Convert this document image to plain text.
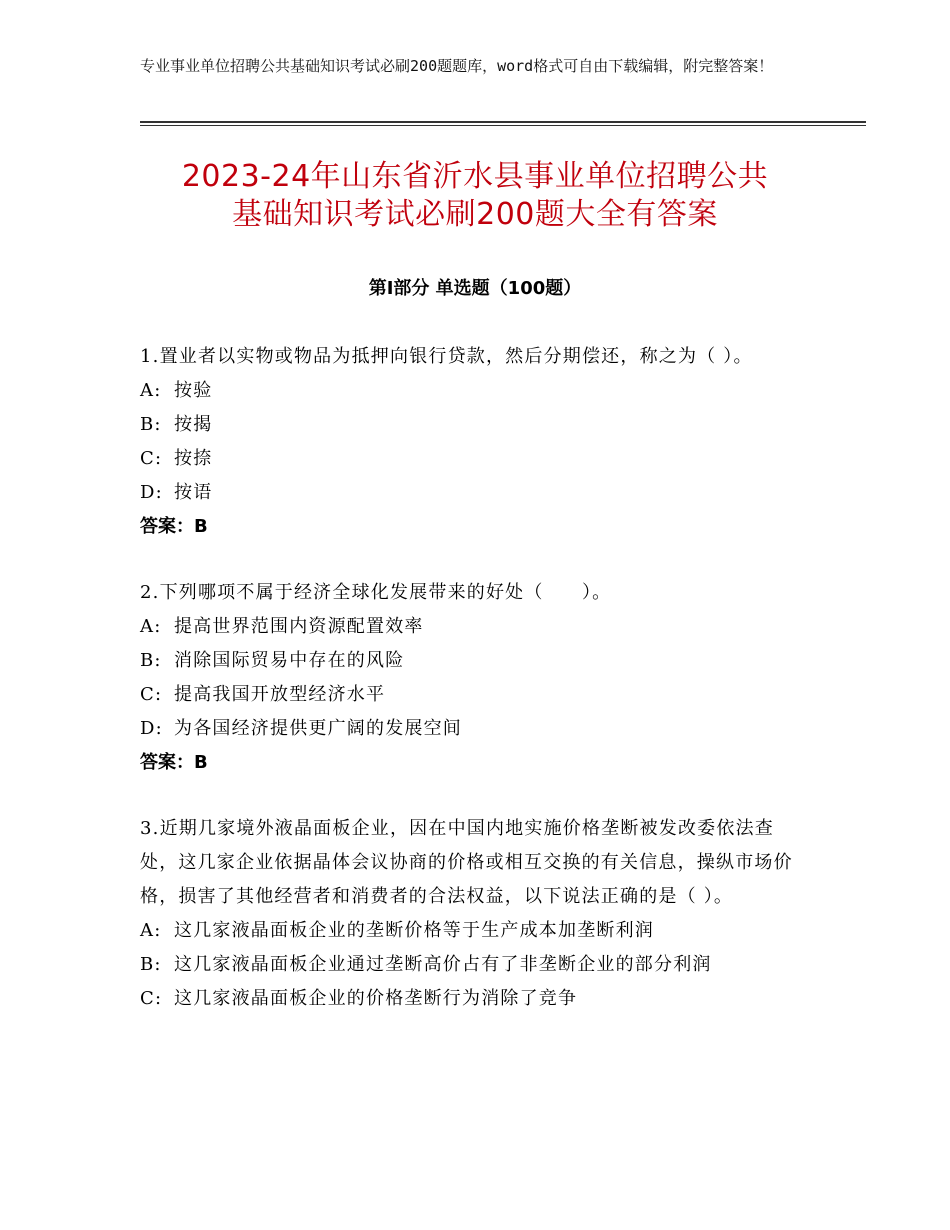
专业事业单位招聘公共基础知识考试必刷200题题库，word格式可自由下载编辑，附完整答案！
2023-24年山东省沂水县事业单位招聘公共
基础知识考试必刷200题大全有答案
第Ⅰ部分 单选题（100题）
1.置业者以实物或物品为抵押向银行贷款，然后分期偿还，称之为（ ）。
A: 按验
B: 按揭
C: 按捺
D: 按语
答案：B
2.下列哪项不属于经济全球化发展带来的好处（　　）。
A: 提高世界范围内资源配置效率
B: 消除国际贸易中存在的风险
C: 提高我国开放型经济水平
D: 为各国经济提供更广阔的发展空间
答案：B
3.近期几家境外液晶面板企业，因在中国内地实施价格垄断被发改委依法查处，这几家企业依据晶体会议协商的价格或相互交换的有关信息，操纵市场价格，损害了其他经营者和消费者的合法权益，以下说法正确的是（ ）。
A: 这几家液晶面板企业的垄断价格等于生产成本加垄断利润
B: 这几家液晶面板企业通过垄断高价占有了非垄断企业的部分利润
C: 这几家液晶面板企业的价格垄断行为消除了竞争
